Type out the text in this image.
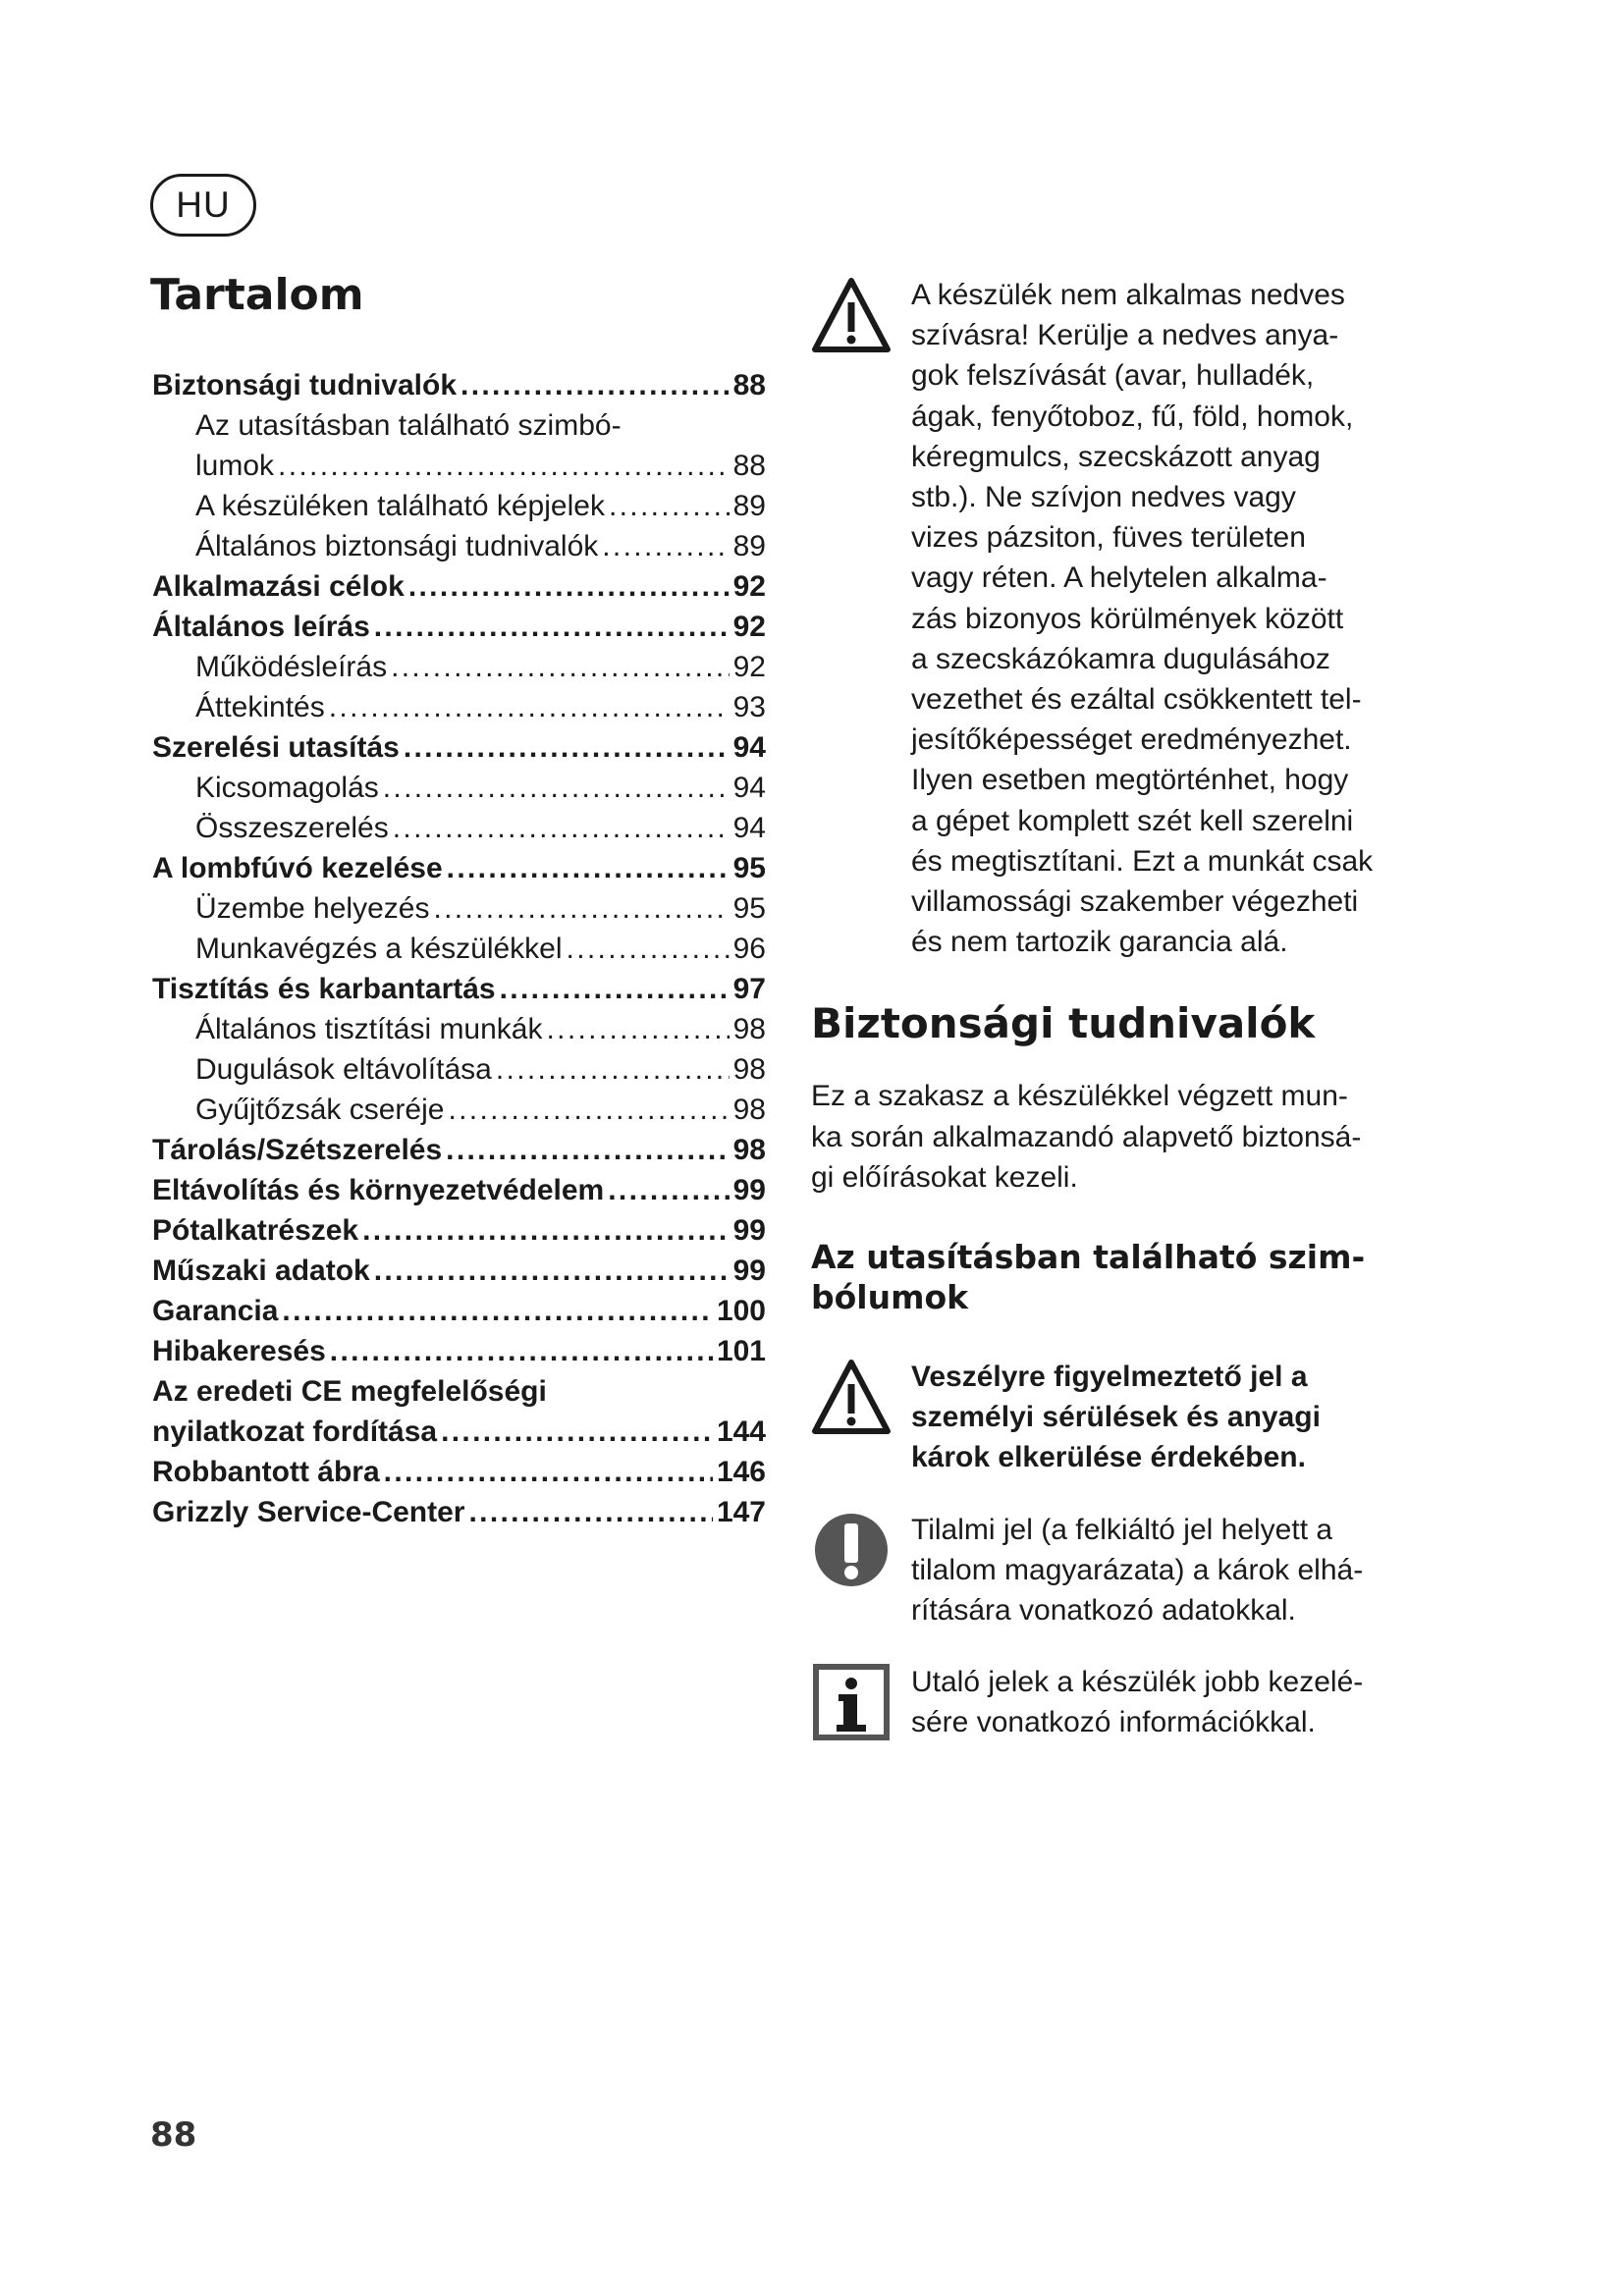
HU
Tartalom
Biztonsági tudnivalók . . .	88
Az utasításban található szimbó-
lumok . . .	88
A készüléken található képjelek . . .	89
Általános biztonsági tudnivalók . . .	89
Alkalmazási célok . . .	92
Általános leírás . . .	92
Működésleírás . . .	92
Áttekintés . . .	93
Szerelési utasítás . . .	94
Kicsomagolás . . .	94
Összeszerelés . . .	94
A lombfúvó kezelése . . .	95
Üzembe helyezés . . .	95
Munkavégzés a készülékkel . . .	96
Tisztítás és karbantartás . . .	97
Általános tisztítási munkák . . .	98
Dugulások eltávolítása . . .	98
Gyűjtőzsák cseréje . . .	98
Tárolás/Szétszerelés . . .	98
Eltávolítás és környezetvédelem . . .	99
Pótalkatrészek . . .	99
Műszaki adatok . . .	99
Garancia . . .	100
Hibakeresés . . .	101
Az eredeti CE megfelelőségi
nyilatkozat fordítása . . .	144
Robbantott ábra . . .	146
Grizzly Service-Center . . .	147
A készülék nem alkalmas nedves
szívásra! Kerülje a nedves anya-
gok felszívását (avar, hulladék,
ágak, fenyőtoboz, fű, föld, homok,
kéregmulcs, szecskázott anyag
stb.). Ne szívjon nedves vagy
vizes pázsiton, füves területen
vagy réten. A helytelen alkalma-
zás bizonyos körülmények között
a szecskázókamra dugulásához
vezethet és ezáltal csökkentett tel-
jesítőképességet eredményezhet.
Ilyen esetben megtörténhet, hogy
a gépet komplett szét kell szerelni
és megtisztítani. Ezt a munkát csak
villamossági szakember végezheti
és nem tartozik garancia alá.
Biztonsági tudnivalók

Ez a szakasz a készülékkel végzett mun-
ka során alkalmazandó alapvető biztonsá-
gi előírásokat kezeli.

Az utasításban található szim-
bólumok
Veszélyre figyelmeztető jel a
személyi sérülések és anyagi
károk elkerülése érdekében.
Tilalmi jel (a felkiáltó jel helyett a
tilalom magyarázata) a károk elhá-
rítására vonatkozó adatokkal.
Utaló jelek a készülék jobb kezelé-
sére vonatkozó információkkal.
88
